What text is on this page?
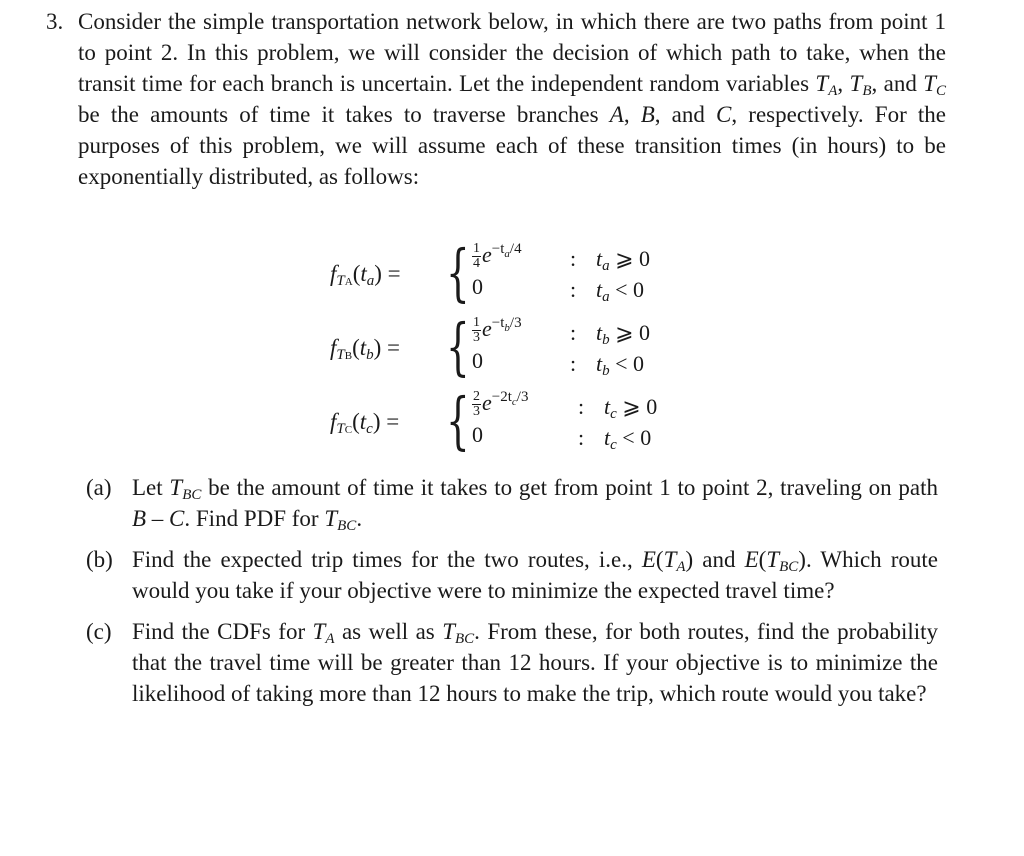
3. Consider the simple transportation network below, in which there are two paths from point 1 to point 2. In this problem, we will consider the decision of which path to take, when the transit time for each branch is uncertain. Let the independent random variables $T_A$, $T_B$, and $T_C$ be the amounts of time it takes to traverse branches A, B, and C, respectively. For the purposes of this problem, we will assume each of these transition times (in hours) to be exponentially distributed, as follows:
$f_{TA}(t_a)$ = { $\frac{1}{4} e^{-t_a/4}$
0
:
:
$t_a$ ⩾ 0
$t_a < 0$
$f_{TB}(t_b)$ = { $\frac{1}{3} e^{-t_b/3}$
0
:
:
$t_b$ ⩾ 0
$t_b < 0$
$f_{TC}(t_c)$ = { $\frac{2}{3} e^{-2t_c/3}$
0
:
:
$t_c$ ⩾ 0
$t_c < 0$
(a) Let $T_{BC}$ be the amount of time it takes to get from point 1 to point 2, traveling on path B – C. Find PDF for $T_{BC}$.
(b) Find the expected trip times for the two routes, i.e., $E(T_A)$ and $E(T_{BC})$. Which route would you take if your objective were to minimize the expected travel time?
(c) Find the CDFs for $T_A$ as well as $T_{BC}$. From these, for both routes, find the probability that the travel time will be greater than 12 hours. If your objective is to minimize the likelihood of taking more than 12 hours to make the trip, which route would you take?
